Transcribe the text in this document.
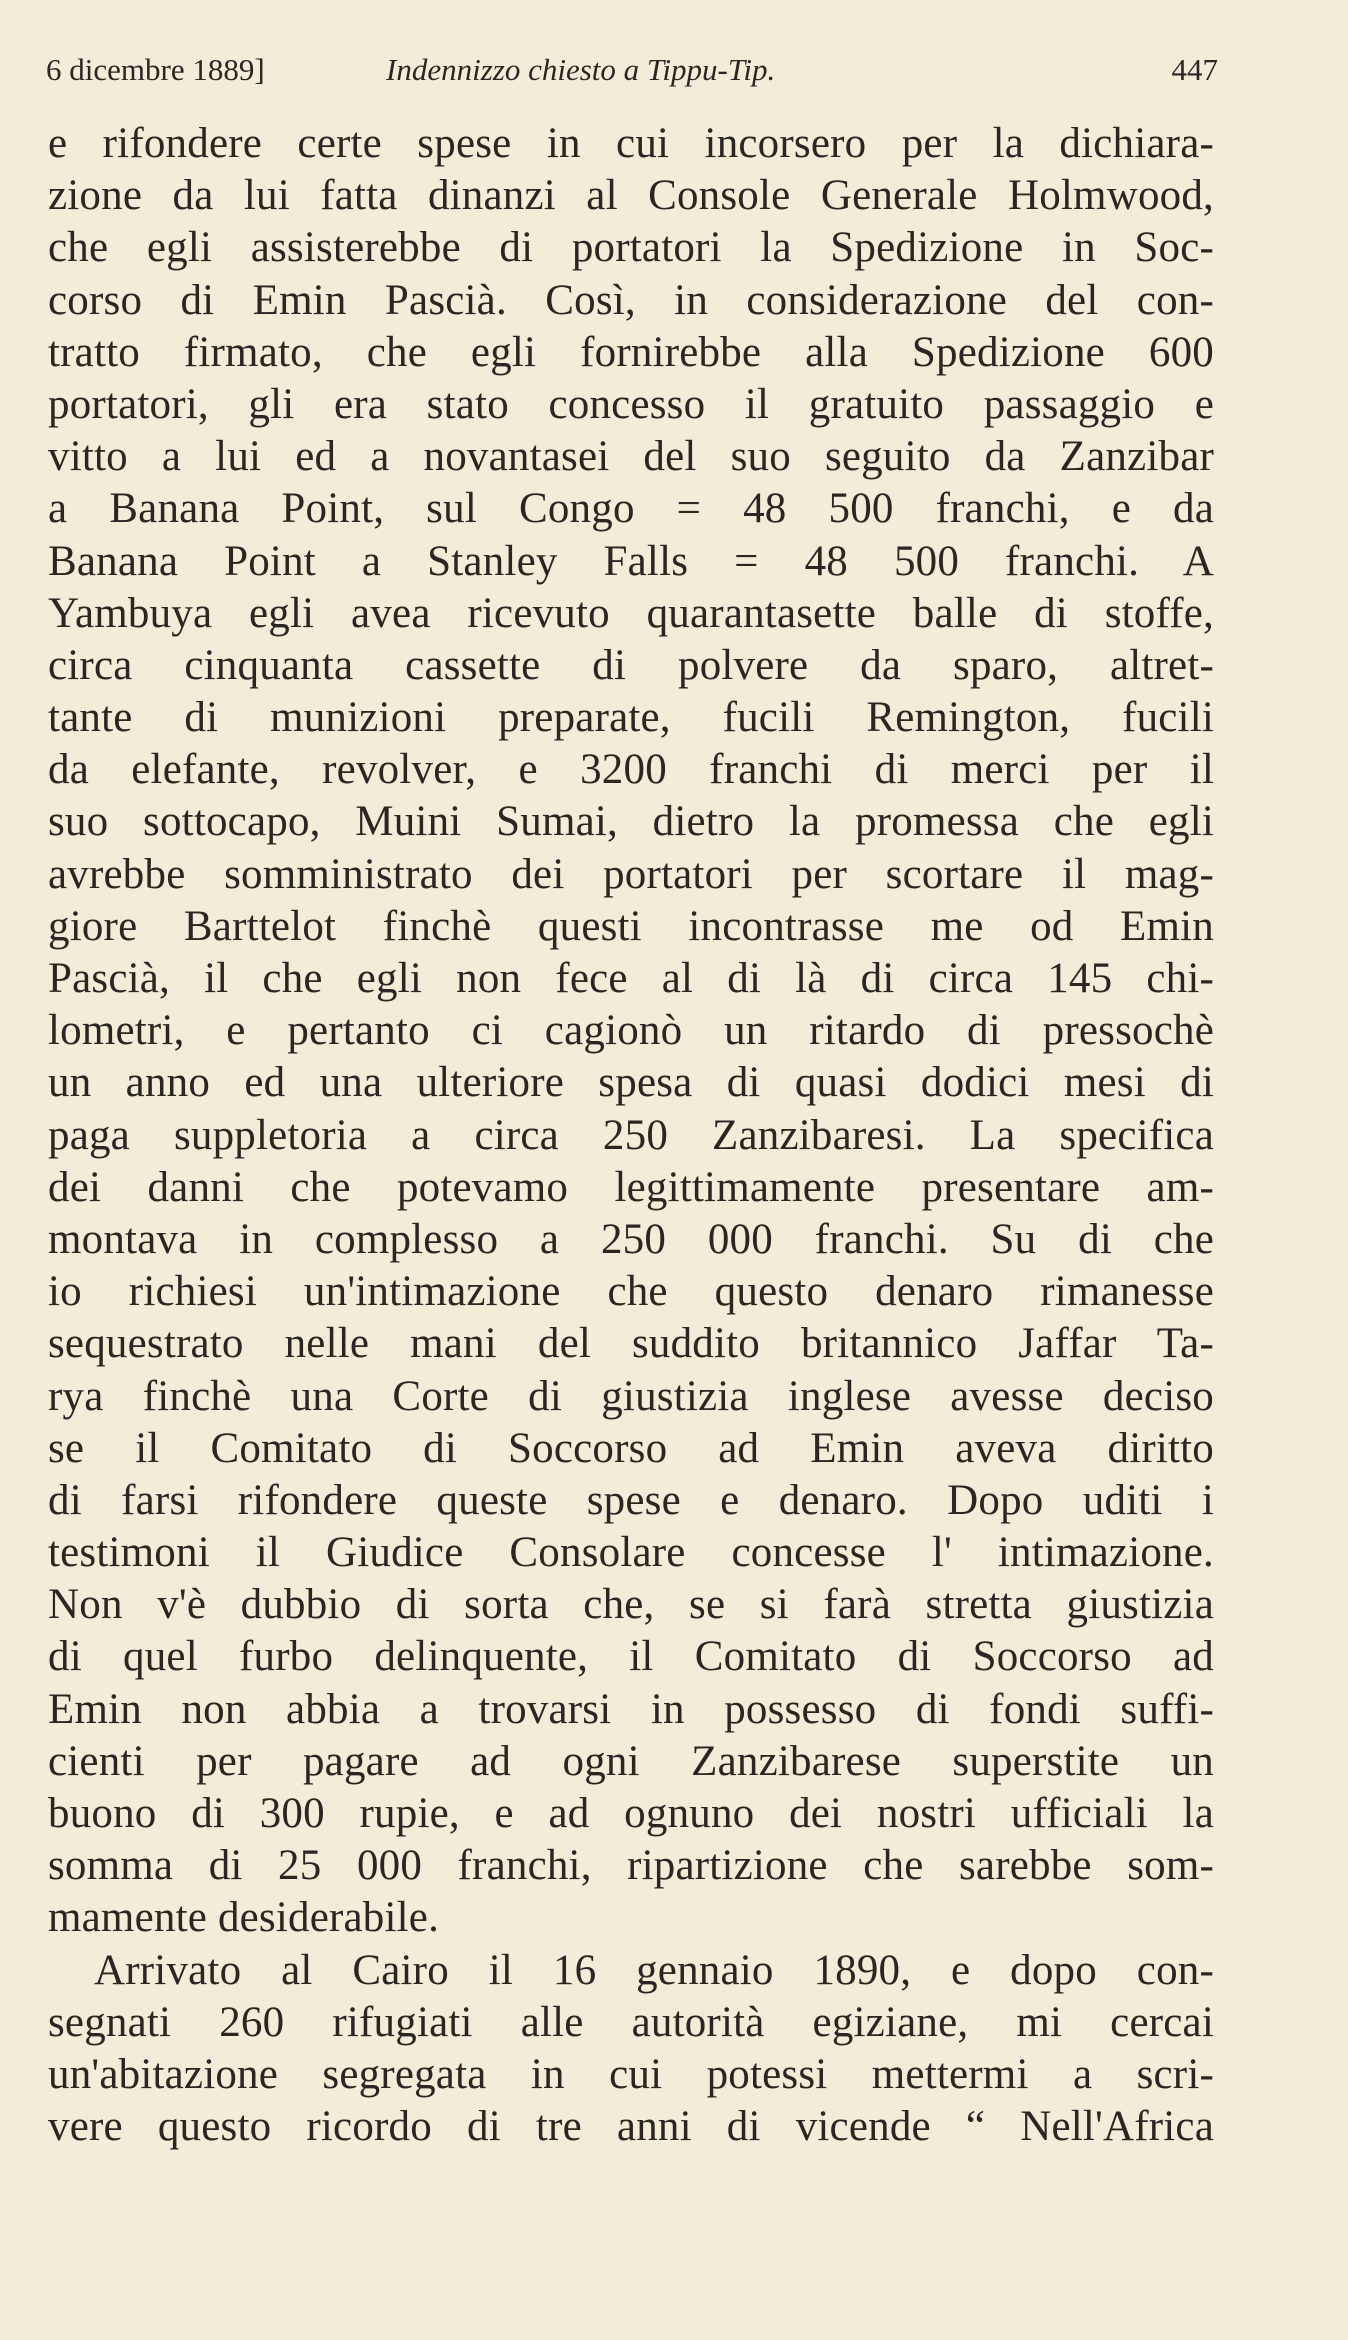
6 dicembre 1889]	Indennizzo chiesto a Tippu-Tip.	447
e rifondere certe spese in cui incorsero per la dichiara-
zione da lui fatta dinanzi al Console Generale Holmwood,
che egli assisterebbe di portatori la Spedizione in Soc-
corso di Emin Pascià. Così, in considerazione del con-
tratto firmato, che egli fornirebbe alla Spedizione 600
portatori, gli era stato concesso il gratuito passaggio e
vitto a lui ed a novantasei del suo seguito da Zanzibar
a Banana Point, sul Congo = 48 500 franchi, e da
Banana Point a Stanley Falls = 48 500 franchi. A
Yambuya egli avea ricevuto quarantasette balle di stoffe,
circa cinquanta cassette di polvere da sparo, altret-
tante di munizioni preparate, fucili Remington, fucili
da elefante, revolver, e 3200 franchi di merci per il
suo sottocapo, Muini Sumai, dietro la promessa che egli
avrebbe somministrato dei portatori per scortare il mag-
giore Barttelot finchè questi incontrasse me od Emin
Pascià, il che egli non fece al di là di circa 145 chi-
lometri, e pertanto ci cagionò un ritardo di pressochè
un anno ed una ulteriore spesa di quasi dodici mesi di
paga suppletoria a circa 250 Zanzibaresi. La specifica
dei danni che potevamo legittimamente presentare am-
montava in complesso a 250 000 franchi. Su di che
io richiesi un'intimazione che questo denaro rimanesse
sequestrato nelle mani del suddito britannico Jaffar Ta-
rya finchè una Corte di giustizia inglese avesse deciso
se il Comitato di Soccorso ad Emin aveva diritto
di farsi rifondere queste spese e denaro. Dopo uditi i
testimoni il Giudice Consolare concesse l' intimazione.
Non v'è dubbio di sorta che, se si farà stretta giustizia
di quel furbo delinquente, il Comitato di Soccorso ad
Emin non abbia a trovarsi in possesso di fondi suffi-
cienti per pagare ad ogni Zanzibarese superstite un
buono di 300 rupie, e ad ognuno dei nostri ufficiali la
somma di 25 000 franchi, ripartizione che sarebbe som-
mamente desiderabile.
Arrivato al Cairo il 16 gennaio 1890, e dopo con-
segnati 260 rifugiati alle autorità egiziane, mi cercai
un'abitazione segregata in cui potessi mettermi a scri-
vere questo ricordo di tre anni di vicende “ Nell'Africa
